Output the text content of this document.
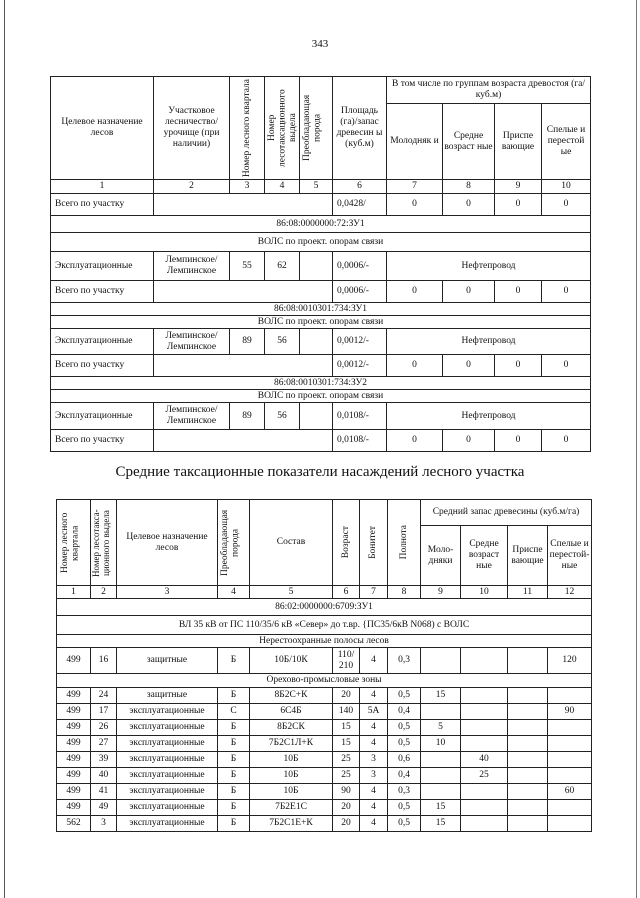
343
Целевое назначение лесов	Участковое лесничество/ урочище (при наличии)	Номер лесного квартала	Номер лесотаксационного выдела	Преобладающая порода	Площадь (га)/запас древесин ы (куб.м)	В том числе по группам возраста древостоя (га/куб.м)			
						Молодняк и	Средне возраст ные	Приспе вающие	Спелые и перестой ые
1	2	3	4	5	6	7	8	9	10
Всего по участку					0,0428/	0	0	0	0
86:08:0000000:72:ЗУ1									
ВОЛС по проект. опорам связи									
Эксплуатационные	Лемпинское/ Лемпинское	55	62		0,0006/-	Нефтепровод			
Всего по участку					0,0006/-	0	0	0	0
86:08:0010301:734:ЗУ1									
ВОЛС по проект. опорам связи									
Эксплуатационные	Лемпинское/ Лемпинское	89	56		0,0012/-	Нефтепровод			
Всего по участку					0,0012/-	0	0	0	0
86:08:0010301:734:ЗУ2									
ВОЛС по проект. опорам связи									
Эксплуатационные	Лемпинское/ Лемпинское	89	56		0,0108/-	Нефтепровод			
Всего по участку					0,0108/-	0	0	0	0
Средние таксационные показатели насаждений лесного участка
Номер лесного квартала	Номер лесотакса- ционного выдела	Целевое назначение лесов	Преобладающая порода	Состав	Возраст	Бонитет	Полнота	Средний запас древесины (куб.м/га)			
								Моло- дняки	Средне возраст ные	Приспе вающие	Спелые и перестой- ные
1	2	3	4	5	6	7	8	9	10	11	12
86:02:0000000:6709:ЗУ1											
ВЛ 35 кВ от ПС 110/35/6 кВ «Север» до т.вр. {ПС35/6кВ N068) с ВОЛС											
Нерестоохранные полосы лесов											
499	16	защитные	Б	10Б/10К	110/ 210	4	0,3				120
Орехово-промысловые зоны											
499	24	защитные	Б	8Б2С+К	20	4	0,5	15			
499	17	эксплуатационные	С	6С4Б	140	5А	0,4				90
499	26	эксплуатационные	Б	8Б2СК	15	4	0,5	5			
499	27	эксплуатационные	Б	7Б2С1Л+К	15	4	0,5	10			
499	39	эксплуатационные	Б	10Б	25	3	0,6		40		
499	40	эксплуатационные	Б	10Б	25	3	0,4		25		
499	41	эксплуатационные	Б	10Б	90	4	0,3				60
499	49	эксплуатационные	Б	7Б2Е1С	20	4	0,5	15			
562	3	эксплуатационные	Б	7Б2С1Е+К	20	4	0,5	15			
